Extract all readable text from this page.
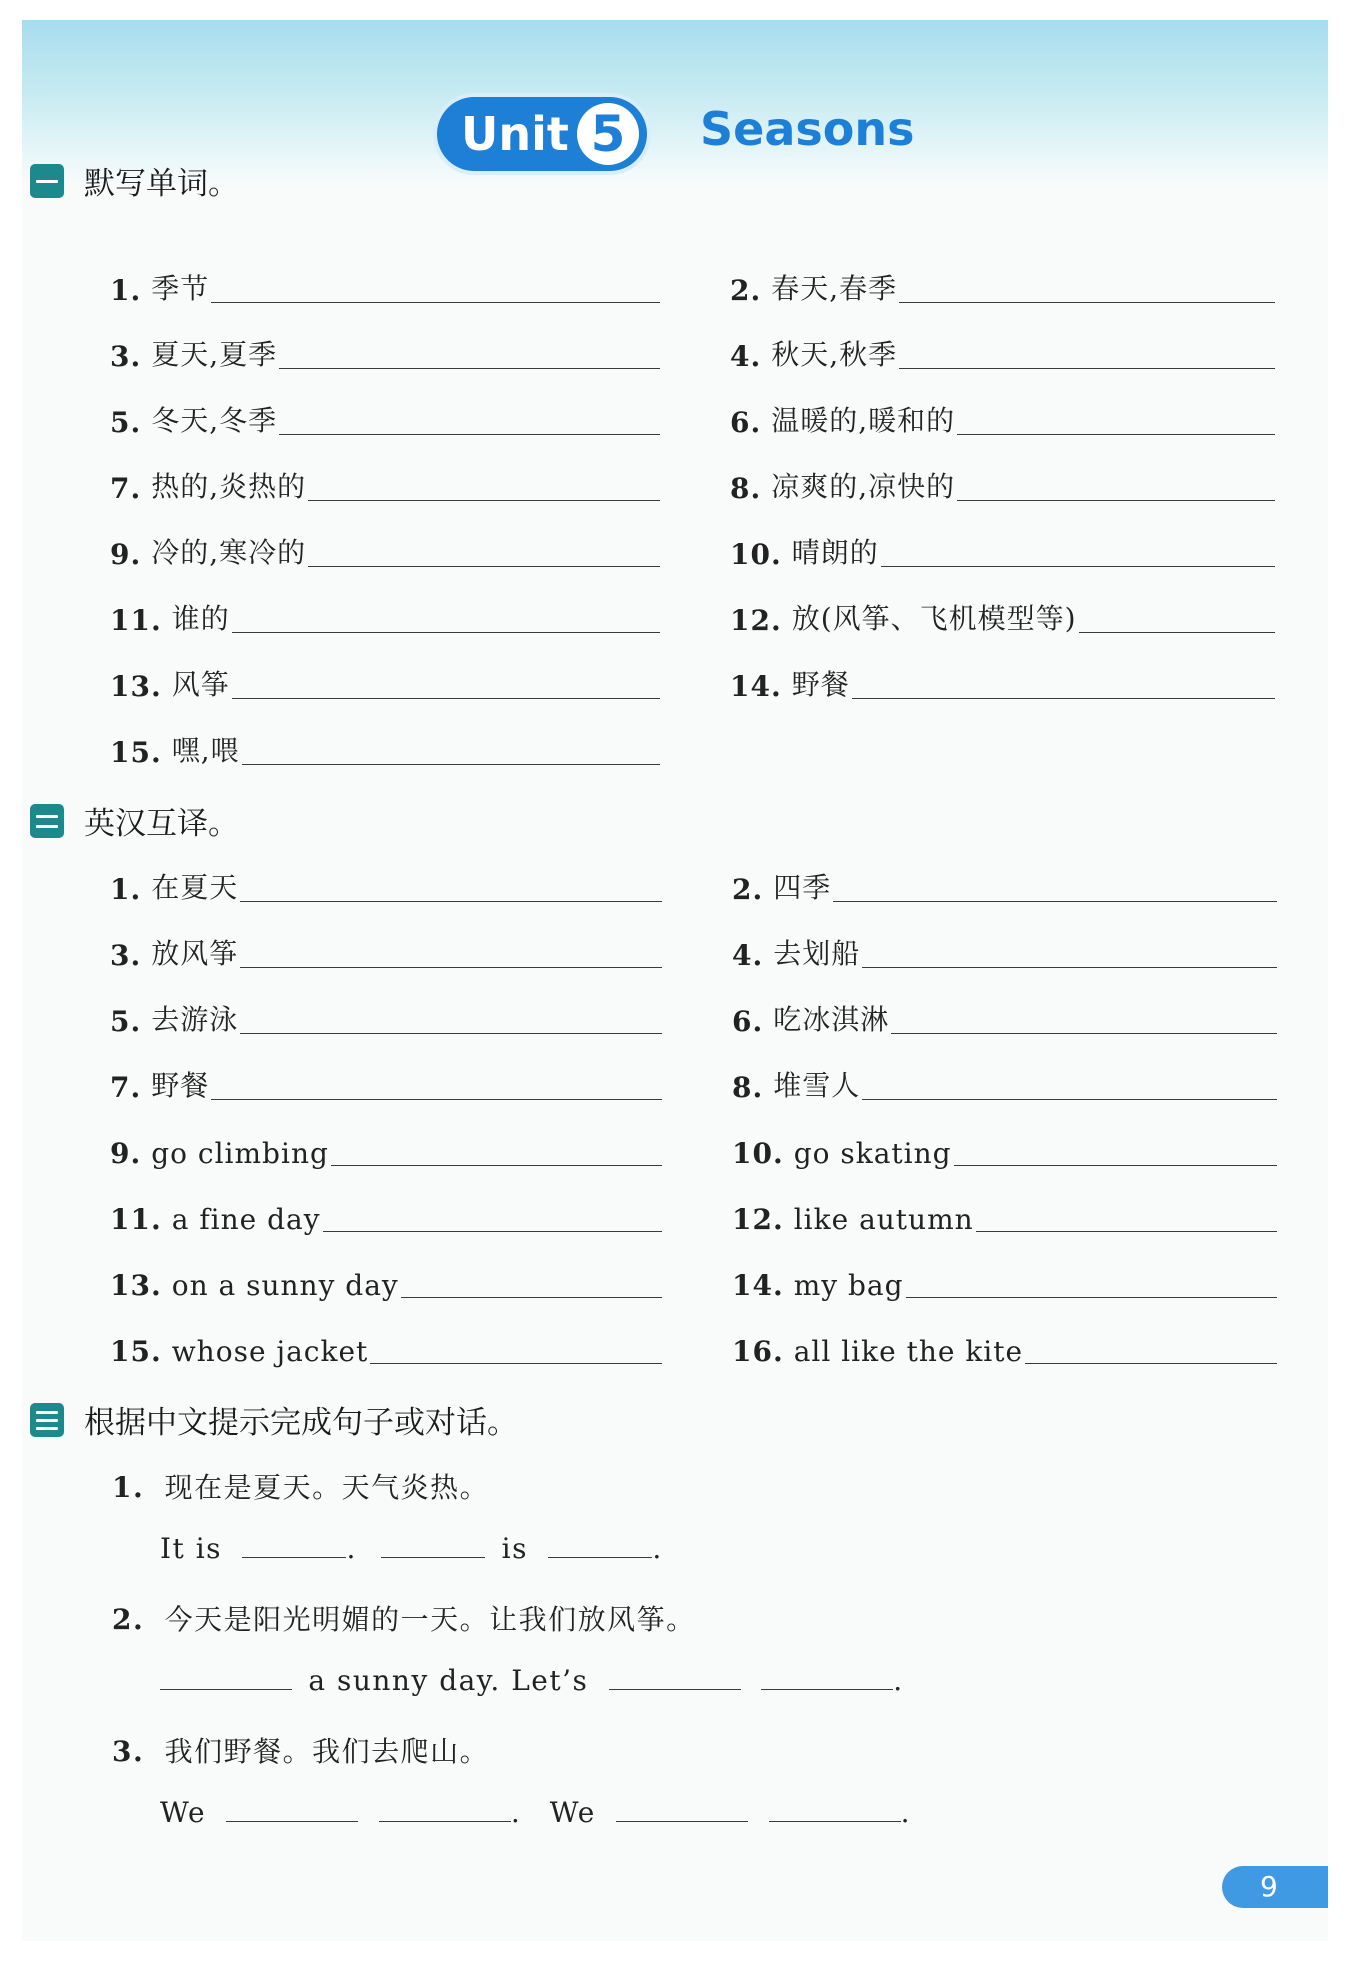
Unit 5 Seasons
默写单词。
1. 季节	2. 春天,春季
3. 夏天,夏季	4. 秋天,秋季
5. 冬天,冬季	6. 温暖的,暖和的
7. 热的,炎热的	8. 凉爽的,凉快的
9. 冷的,寒冷的	10. 晴朗的
11. 谁的	12. 放(风筝、飞机模型等)
13. 风筝	14. 野餐
15. 嘿,喂
英汉互译。
1. 在夏天	2. 四季
3. 放风筝	4. 去划船
5. 去游泳	6. 吃冰淇淋
7. 野餐	8. 堆雪人
9. go climbing	10. go skating
11. a fine day	12. like autumn
13. on a sunny day	14. my bag
15. whose jacket	16. all like the kite
根据中文提示完成句子或对话。
1. 现在是夏天。天气炎热。
It is	.	is	.
2. 今天是阳光明媚的一天。让我们放风筝。
a sunny day. Let’s	.
3. 我们野餐。我们去爬山。
We	. We	.
9
